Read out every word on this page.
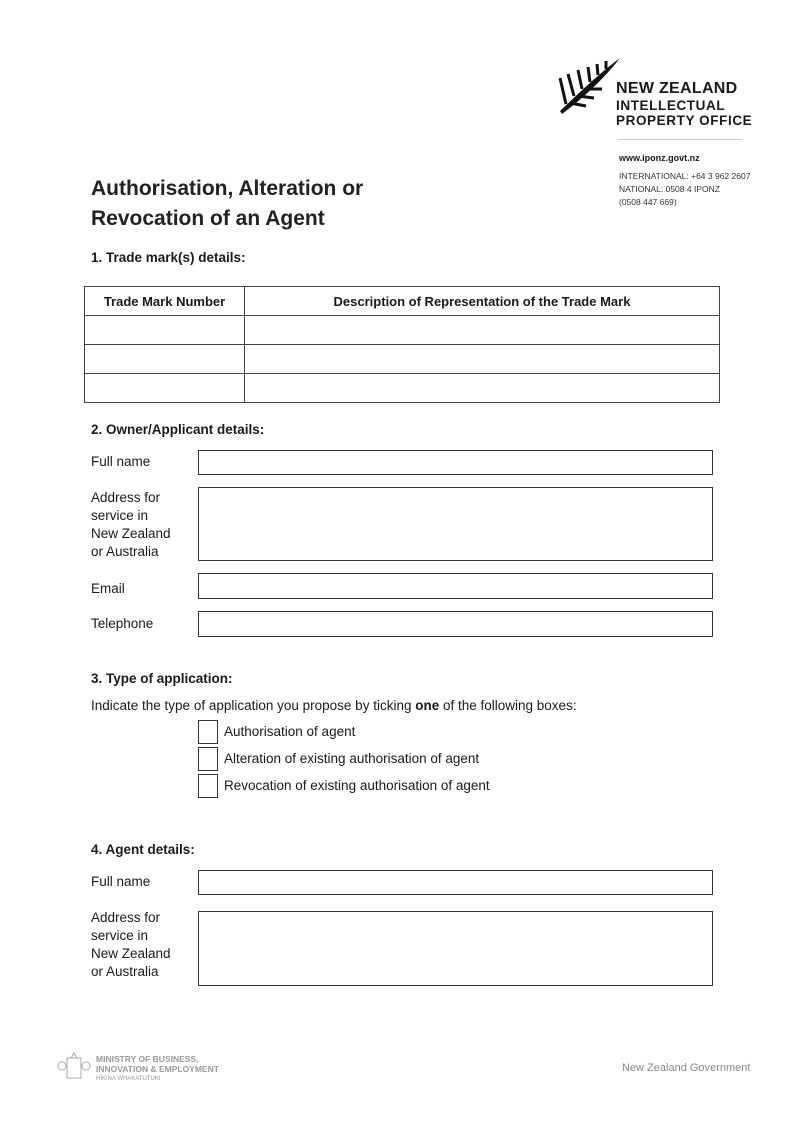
NEW ZEALAND
INTELLECTUAL
PROPERTY OFFICE
www.iponz.govt.nz
INTERNATIONAL: +64 3 962 2607
NATIONAL: 0508 4 IPONZ
(0508 447 669)
Authorisation, Alteration or
Revocation of an Agent
1. Trade mark(s) details:
Trade Mark Number	Description of Representation of the Trade Mark

2. Owner/Applicant details:
Full name
Address for
service in
New Zealand
or Australia
Email
Telephone
3. Type of application:
Indicate the type of application you propose by ticking one of the following boxes:
Authorisation of agent
Alteration of existing authorisation of agent
Revocation of existing authorisation of agent
4. Agent details:
Full name
Address for
service in
New Zealand
or Australia
MINISTRY OF BUSINESS,
INNOVATION & EMPLOYMENT
HĪKINA WHAKATUTUKI
New Zealand Government
